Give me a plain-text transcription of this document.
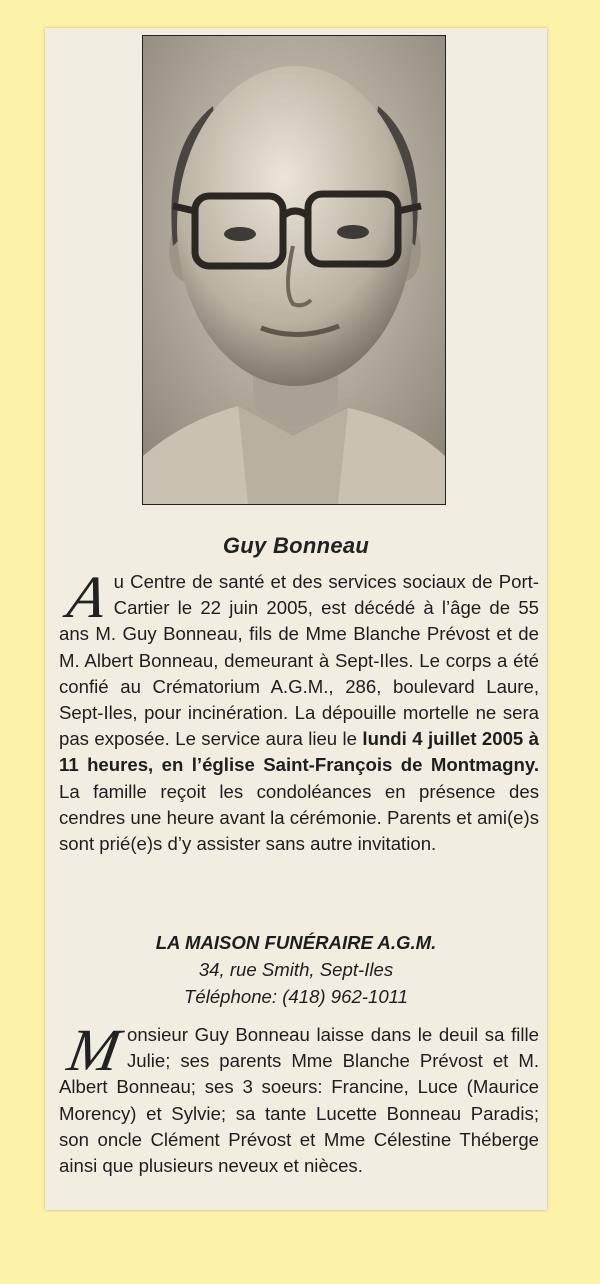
Guy Bonneau

Au Centre de santé et des services sociaux de Port-Cartier le 22 juin 2005, est décédé à l’âge de 55 ans M. Guy Bonneau, fils de Mme Blanche Prévost et de M. Albert Bonneau, demeurant à Sept-Iles. Le corps a été confié au Crématorium A.G.M., 286, boulevard Laure, Sept-Iles, pour incinération. La dépouille mortelle ne sera pas exposée. Le service aura lieu le lundi 4 juillet 2005 à 11 heures, en l’église Saint-François de Montmagny. La famille reçoit les condoléances en présence des cendres une heure avant la cérémonie. Parents et ami(e)s sont prié(e)s d’y assister sans autre invitation.

LA MAISON FUNÉRAIRE A.G.M.
34, rue Smith, Sept-Iles
Téléphone: (418) 962-1011

Monsieur Guy Bonneau laisse dans le deuil sa fille Julie; ses parents Mme Blanche Prévost et M. Albert Bonneau; ses 3 soeurs: Francine, Luce (Maurice Morency) et Sylvie; sa tante Lucette Bonneau Paradis; son oncle Clément Prévost et Mme Célestine Théberge ainsi que plusieurs neveux et nièces.
